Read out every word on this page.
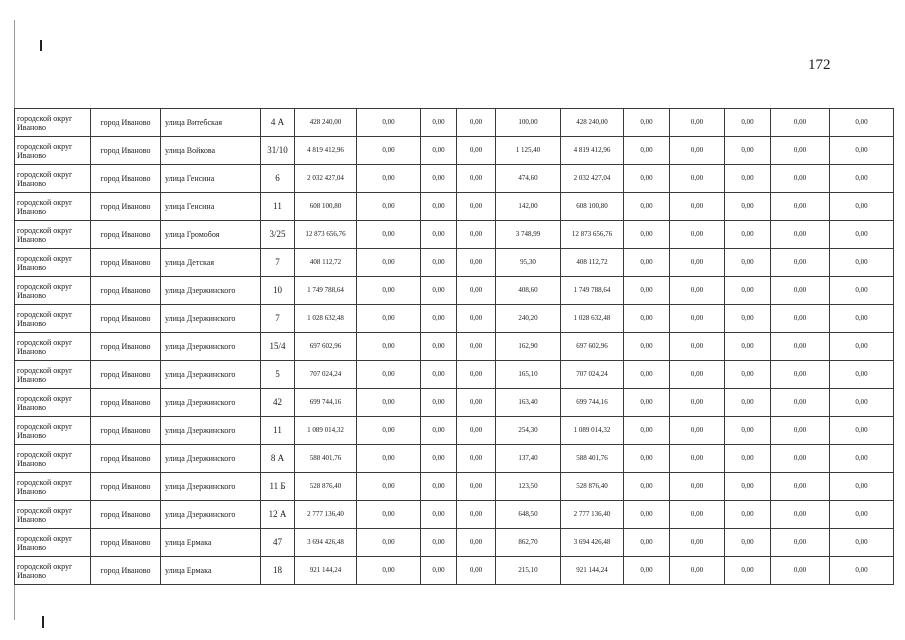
172
городской округ Иваново	город Иваново	улица Витебская	4 А	428 240,00	0,00	0,00	0,00	100,00	428 240,00	0,00	0,00	0,00	0,00	0,00
городской округ Иваново	город Иваново	улица Войкова	31/10	4 819 412,96	0,00	0,00	0,00	1 125,40	4 819 412,96	0,00	0,00	0,00	0,00	0,00
городской округ Иваново	город Иваново	улица Генсина	6	2 032 427,04	0,00	0,00	0,00	474,60	2 032 427,04	0,00	0,00	0,00	0,00	0,00
городской округ Иваново	город Иваново	улица Генсина	11	608 100,80	0,00	0,00	0,00	142,00	608 100,80	0,00	0,00	0,00	0,00	0,00
городской округ Иваново	город Иваново	улица Громобоя	3/25	12 873 656,76	0,00	0,00	0,00	3 748,99	12 873 656,76	0,00	0,00	0,00	0,00	0,00
городской округ Иваново	город Иваново	улица Детская	7	408 112,72	0,00	0,00	0,00	95,30	408 112,72	0,00	0,00	0,00	0,00	0,00
городской округ Иваново	город Иваново	улица Дзержинского	10	1 749 788,64	0,00	0,00	0,00	408,60	1 749 788,64	0,00	0,00	0,00	0,00	0,00
городской округ Иваново	город Иваново	улица Дзержинского	7	1 028 632,48	0,00	0,00	0,00	240,20	1 028 632,48	0,00	0,00	0,00	0,00	0,00
городской округ Иваново	город Иваново	улица Дзержинского	15/4	697 602,96	0,00	0,00	0,00	162,90	697 602,96	0,00	0,00	0,00	0,00	0,00
городской округ Иваново	город Иваново	улица Дзержинского	5	707 024,24	0,00	0,00	0,00	165,10	707 024,24	0,00	0,00	0,00	0,00	0,00
городской округ Иваново	город Иваново	улица Дзержинского	42	699 744,16	0,00	0,00	0,00	163,40	699 744,16	0,00	0,00	0,00	0,00	0,00
городской округ Иваново	город Иваново	улица Дзержинского	11	1 089 014,32	0,00	0,00	0,00	254,30	1 089 014,32	0,00	0,00	0,00	0,00	0,00
городской округ Иваново	город Иваново	улица Дзержинского	8 А	588 401,76	0,00	0,00	0,00	137,40	588 401,76	0,00	0,00	0,00	0,00	0,00
городской округ Иваново	город Иваново	улица Дзержинского	11 Б	528 876,40	0,00	0,00	0,00	123,50	528 876,40	0,00	0,00	0,00	0,00	0,00
городской округ Иваново	город Иваново	улица Дзержинского	12 А	2 777 136,40	0,00	0,00	0,00	648,50	2 777 136,40	0,00	0,00	0,00	0,00	0,00
городской округ Иваново	город Иваново	улица Ермака	47	3 694 426,48	0,00	0,00	0,00	862,70	3 694 426,48	0,00	0,00	0,00	0,00	0,00
городской округ Иваново	город Иваново	улица Ермака	18	921 144,24	0,00	0,00	0,00	215,10	921 144,24	0,00	0,00	0,00	0,00	0,00
